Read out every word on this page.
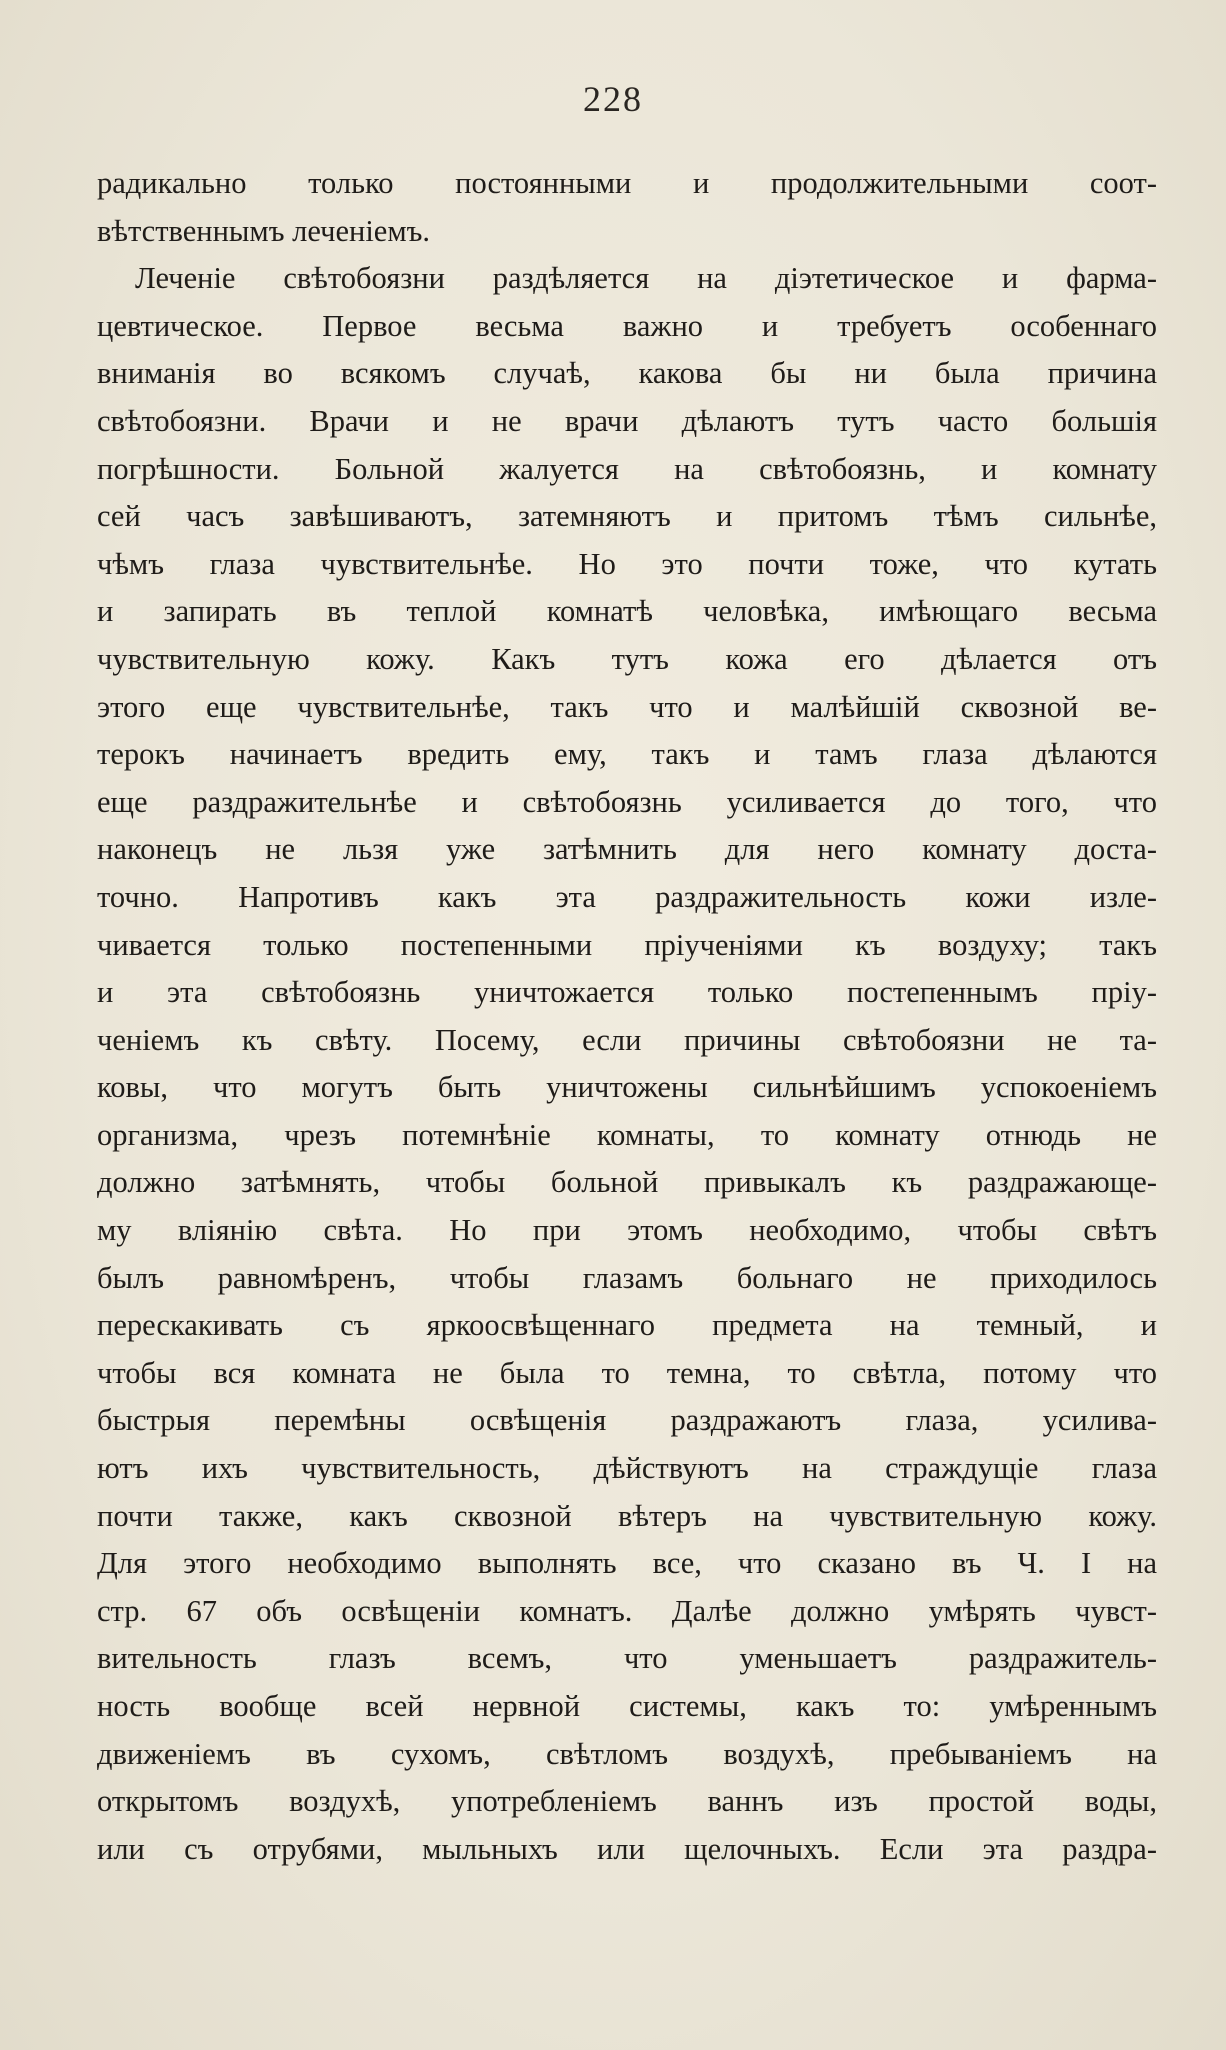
228
радикально только постоянными и продолжительными соот-
вѣтственнымъ леченіемъ.
Леченіе свѣтобоязни раздѣляется на діэтетическое и фарма-
цевтическое. Первое весьма важно и требуетъ особеннаго
вниманія во всякомъ случаѣ, какова бы ни была причина
свѣтобоязни. Врачи и не врачи дѣлаютъ тутъ часто большія
погрѣшности. Больной жалуется на свѣтобоязнь, и комнату
сей часъ завѣшиваютъ, затемняютъ и притомъ тѣмъ сильнѣе,
чѣмъ глаза чувствительнѣе. Но это почти тоже, что кутать
и запирать въ теплой комнатѣ человѣка, имѣющаго весьма
чувствительную кожу. Какъ тутъ кожа его дѣлается отъ
этого еще чувствительнѣе, такъ что и малѣйшій сквозной ве-
терокъ начинаетъ вредить ему, такъ и тамъ глаза дѣлаются
еще раздражительнѣе и свѣтобоязнь усиливается до того, что
наконецъ не льзя уже затѣмнить для него комнату доста-
точно. Напротивъ какъ эта раздражительность кожи изле-
чивается только постепенными пріученіями къ воздуху; такъ
и эта свѣтобоязнь уничтожается только постепеннымъ пріу-
ченіемъ къ свѣту. Посему, если причины свѣтобоязни не та-
ковы, что могутъ быть уничтожены сильнѣйшимъ успокоеніемъ
организма, чрезъ потемнѣніе комнаты, то комнату отнюдь не
должно затѣмнять, чтобы больной привыкалъ къ раздражающе-
му вліянію свѣта. Но при этомъ необходимо, чтобы свѣтъ
былъ равномѣренъ, чтобы глазамъ больнаго не приходилось
перескакивать съ яркоосвѣщеннаго предмета на темный, и
чтобы вся комната не была то темна, то свѣтла, потому что
быстрыя перемѣны освѣщенія раздражаютъ глаза, усилива-
ютъ ихъ чувствительность, дѣйствуютъ на страждущіе глаза
почти также, какъ сквозной вѣтеръ на чувствительную кожу.
Для этого необходимо выполнять все, что сказано въ Ч. I на
стр. 67 объ освѣщеніи комнатъ. Далѣе должно умѣрять чувст-
вительность глазъ всемъ, что уменьшаетъ раздражитель-
ность вообще всей нервной системы, какъ то: умѣреннымъ
движеніемъ въ сухомъ, свѣтломъ воздухѣ, пребываніемъ на
открытомъ воздухѣ, употребленіемъ ваннъ изъ простой воды,
или съ отрубями, мыльныхъ или щелочныхъ. Если эта раздра-
